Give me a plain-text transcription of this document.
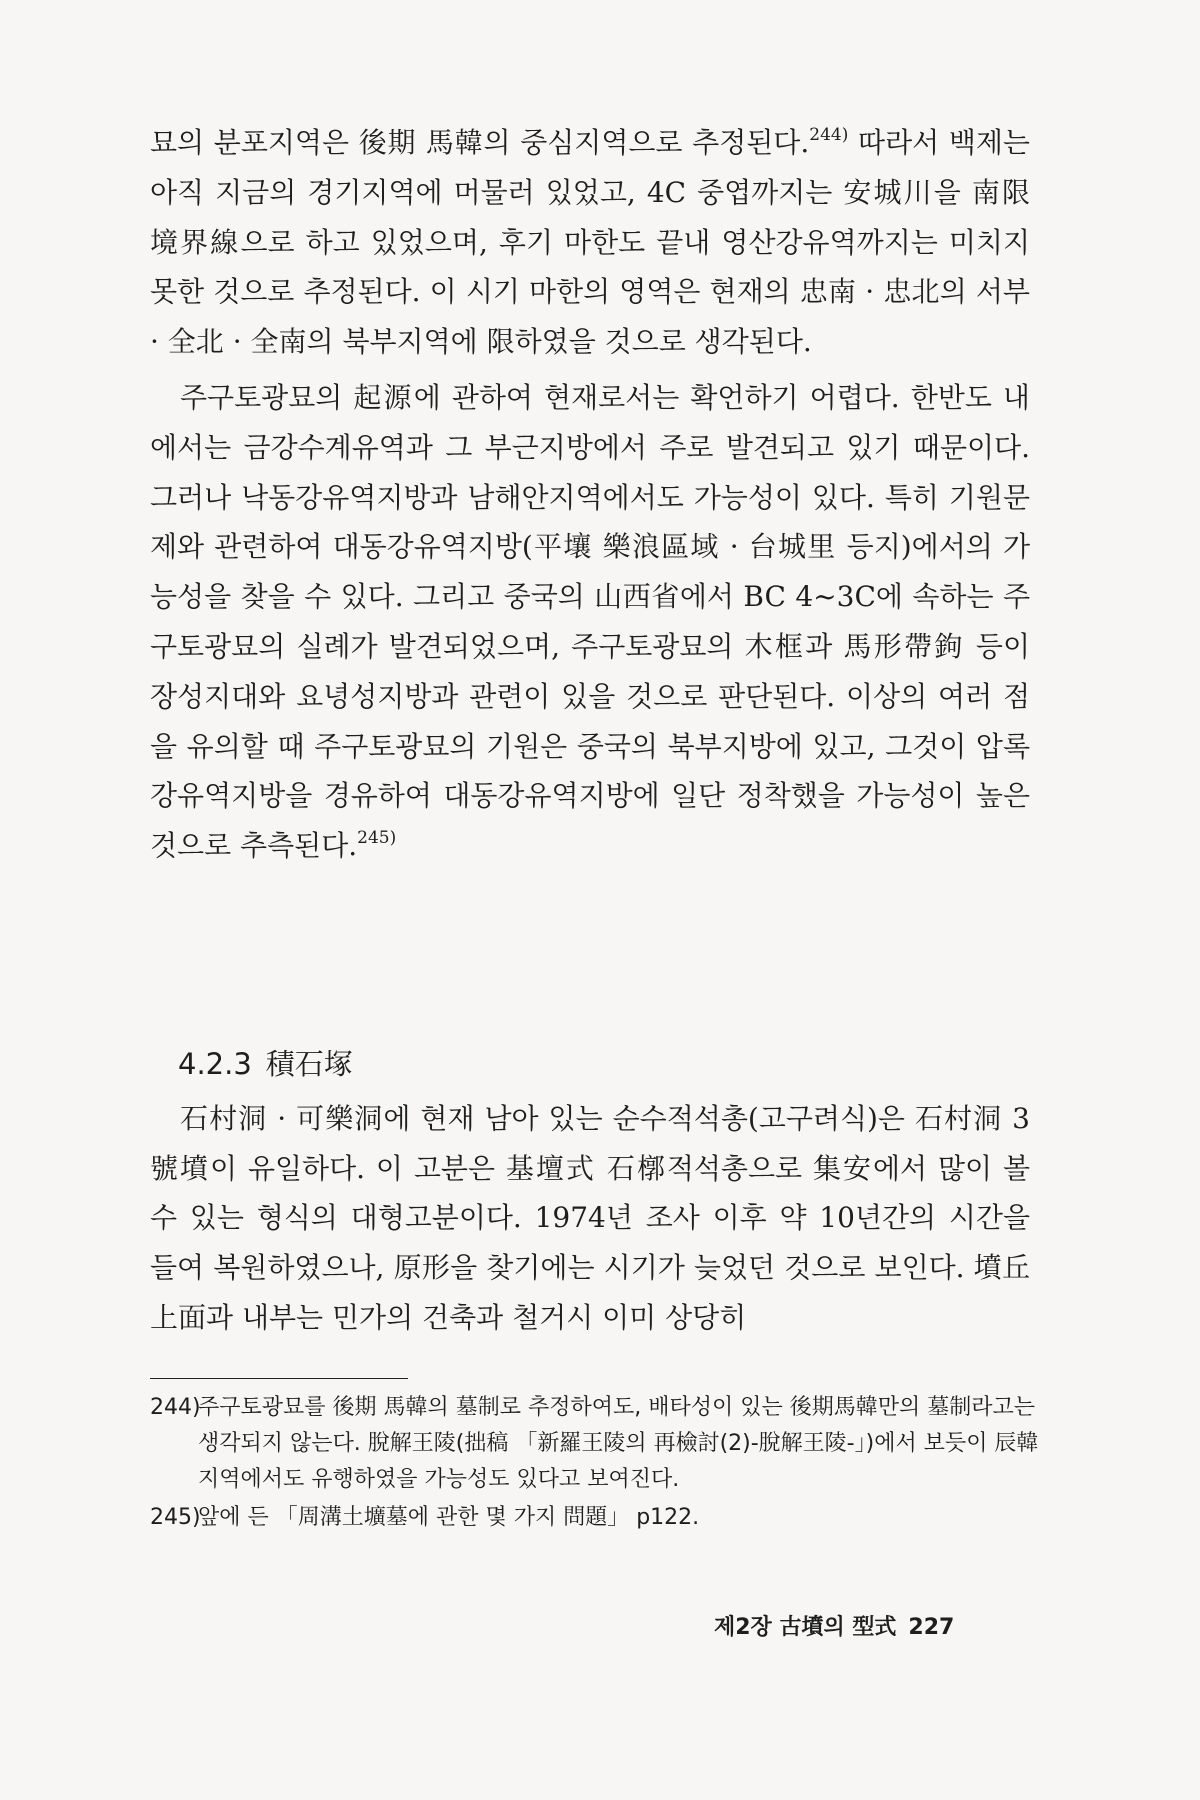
묘의 분포지역은 後期 馬韓의 중심지역으로 추정된다.$^{244)}$ 따라서 백제는 아직 지금의 경기지역에 머물러 있었고, 4C 중엽까지는 安城川을 南限境界線으로 하고 있었으며, 후기 마한도 끝내 영산강유역까지는 미치지 못한 것으로 추정된다. 이 시기 마한의 영역은 현재의 忠南 · 忠北의 서부 · 全北 · 全南의 북부지역에 限하였을 것으로 생각된다.

주구토광묘의 起源에 관하여 현재로서는 확언하기 어렵다. 한반도 내에서는 금강수계유역과 그 부근지방에서 주로 발견되고 있기 때문이다. 그러나 낙동강유역지방과 남해안지역에서도 가능성이 있다. 특히 기원문제와 관련하여 대동강유역지방(平壤 樂浪區域 · 台城里 등지)에서의 가능성을 찾을 수 있다. 그리고 중국의 山西省에서 BC 4~3C에 속하는 주구토광묘의 실례가 발견되었으며, 주구토광묘의 木框과 馬形帶鉤 등이 장성지대와 요녕성지방과 관련이 있을 것으로 판단된다. 이상의 여러 점을 유의할 때 주구토광묘의 기원은 중국의 북부지방에 있고, 그것이 압록강유역지방을 경유하여 대동강유역지방에 일단 정착했을 가능성이 높은 것으로 추측된다.$^{245)}$

4.2.3 積石塚

石村洞 · 可樂洞에 현재 남아 있는 순수적석총(고구려식)은 石村洞 3號墳이 유일하다. 이 고분은 基壇式 石槨적석총으로 集安에서 많이 볼 수 있는 형식의 대형고분이다. 1974년 조사 이후 약 10년간의 시간을 들여 복원하였으나, 原形을 찾기에는 시기가 늦었던 것으로 보인다. 墳丘 上面과 내부는 민가의 건축과 철거시 이미 상당히

244)
주구토광묘를 後期 馬韓의 墓制로 추정하여도, 배타성이 있는 後期馬韓만의 墓制라고는 생각되지 않는다. 脫解王陵(拙稿 「新羅王陵의 再檢討(2)-脫解王陵-」)에서 보듯이 辰韓지역에서도 유행하였을 가능성도 있다고 보여진다.
245)
앞에 든 「周溝土壙墓에 관한 몇 가지 問題」 p122.
제2장 古墳의 型式 227
